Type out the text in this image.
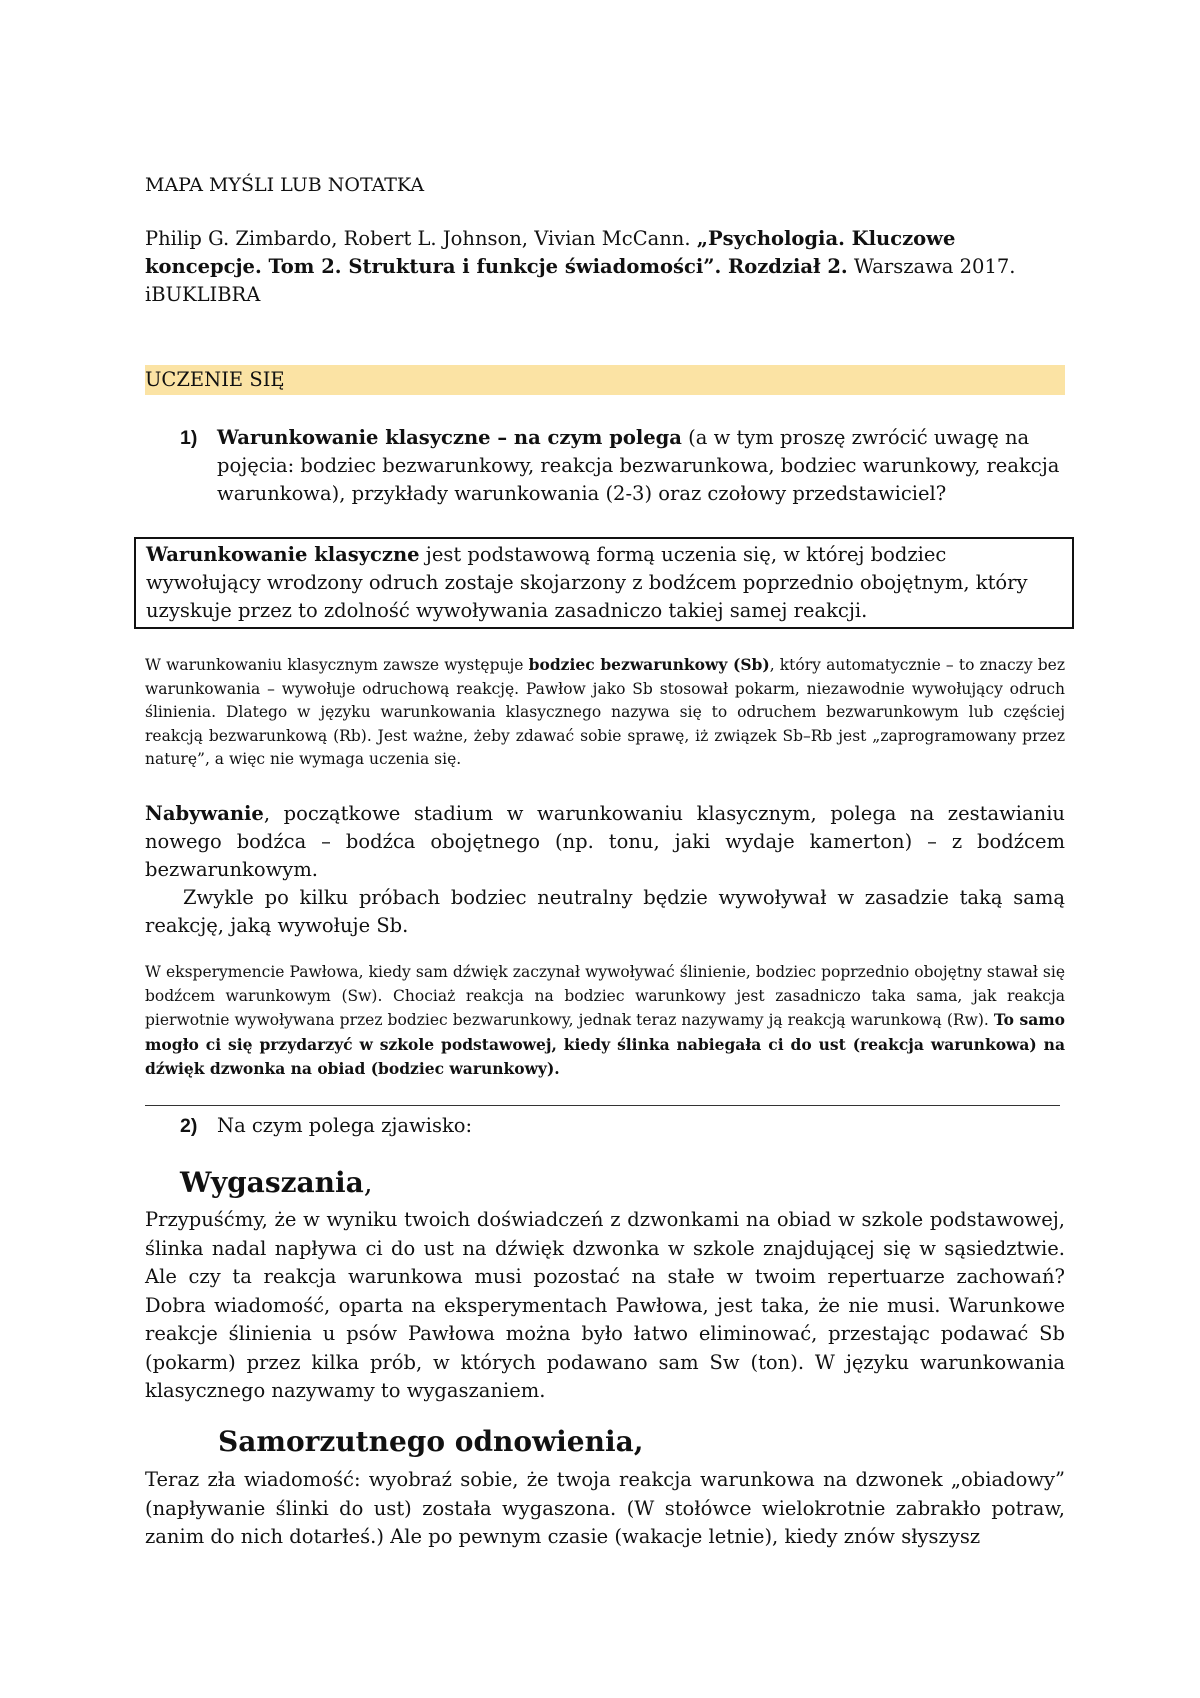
MAPA MYŚLI LUB NOTATKA
Philip G. Zimbardo, Robert L. Johnson, Vivian McCann. „Psychologia. Kluczowe koncepcje. Tom 2. Struktura i funkcje świadomości”. Rozdział 2. Warszawa 2017. iBUKLIBRA
UCZENIE SIĘ
1)	Warunkowanie klasyczne – na czym polega (a w tym proszę zwrócić uwagę na pojęcia: bodziec bezwarunkowy, reakcja bezwarunkowa, bodziec warunkowy, reakcja warunkowa), przykłady warunkowania (2-3) oraz czołowy przedstawiciel?
Warunkowanie klasyczne jest podstawową formą uczenia się, w której bodziec wywołujący wrodzony odruch zostaje skojarzony z bodźcem poprzednio obojętnym, który uzyskuje przez to zdolność wywoływania zasadniczo takiej samej reakcji.
W warunkowaniu klasycznym zawsze występuje bodziec bezwarunkowy (Sb), który automatycznie – to znaczy bez warunkowania – wywołuje odruchową reakcję. Pawłow jako Sb stosował pokarm, niezawodnie wywołujący odruch ślinienia. Dlatego w języku warunkowania klasycznego nazywa się to odruchem bezwarunkowym lub częściej reakcją bezwarunkową (Rb). Jest ważne, żeby zdawać sobie sprawę, iż związek Sb–Rb jest „zaprogramowany przez naturę”, a więc nie wymaga uczenia się.
Nabywanie, początkowe stadium w warunkowaniu klasycznym, polega na zestawianiu nowego bodźca – bodźca obojętnego (np. tonu, jaki wydaje kamerton) – z bodźcem bezwarunkowym.
Zwykle po kilku próbach bodziec neutralny będzie wywoływał w zasadzie taką samą reakcję, jaką wywołuje Sb.
W eksperymencie Pawłowa, kiedy sam dźwięk zaczynał wywoływać ślinienie, bodziec poprzednio obojętny stawał się bodźcem warunkowym (Sw). Chociaż reakcja na bodziec warunkowy jest zasadniczo taka sama, jak reakcja pierwotnie wywoływana przez bodziec bezwarunkowy, jednak teraz nazywamy ją reakcją warunkową (Rw). To samo mogło ci się przydarzyć w szkole podstawowej, kiedy ślinka nabiegała ci do ust (reakcja warunkowa) na dźwięk dzwonka na obiad (bodziec warunkowy).
2)	Na czym polega zjawisko:
Wygaszania,
Przypuśćmy, że w wyniku twoich doświadczeń z dzwonkami na obiad w szkole podstawowej, ślinka nadal napływa ci do ust na dźwięk dzwonka w szkole znajdującej się w sąsiedztwie. Ale czy ta reakcja warunkowa musi pozostać na stałe w twoim repertuarze zachowań? Dobra wiadomość, oparta na eksperymentach Pawłowa, jest taka, że nie musi. Warunkowe reakcje ślinienia u psów Pawłowa można było łatwo eliminować, przestając podawać Sb (pokarm) przez kilka prób, w których podawano sam Sw (ton). W języku warunkowania klasycznego nazywamy to wygaszaniem.
Samorzutnego odnowienia,
Teraz zła wiadomość: wyobraź sobie, że twoja reakcja warunkowa na dzwonek „obiadowy” (napływanie ślinki do ust) została wygaszona. (W stołówce wielokrotnie zabrakło potraw, zanim do nich dotarłeś.) Ale po pewnym czasie (wakacje letnie), kiedy znów słyszysz
